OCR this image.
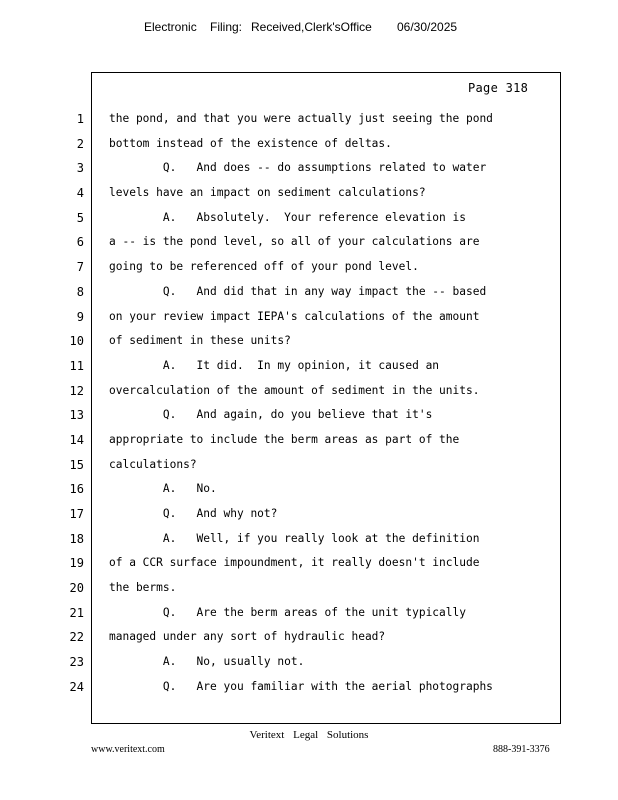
Electronic Filing: Received,Clerk'sOffice 06/30/2025
Page 318
1
2
3
4
5
6
7
8
9
10
11
12
13
14
15
16
17
18
19
20
21
22
23
24
the pond, and that you were actually just seeing the pond
bottom instead of the existence of deltas.
Q.   And does -- do assumptions related to water
levels have an impact on sediment calculations?
A.   Absolutely.  Your reference elevation is
a -- is the pond level, so all of your calculations are
going to be referenced off of your pond level.
Q.   And did that in any way impact the -- based
on your review impact IEPA's calculations of the amount
of sediment in these units?
A.   It did.  In my opinion, it caused an
overcalculation of the amount of sediment in the units.
Q.   And again, do you believe that it's
appropriate to include the berm areas as part of the
calculations?
A.   No.
Q.   And why not?
A.   Well, if you really look at the definition
of a CCR surface impoundment, it really doesn't include
the berms.
Q.   Are the berm areas of the unit typically
managed under any sort of hydraulic head?
A.   No, usually not.
Q.   Are you familiar with the aerial photographs
Veritext Legal Solutions
www.veritext.com	888-391-3376
